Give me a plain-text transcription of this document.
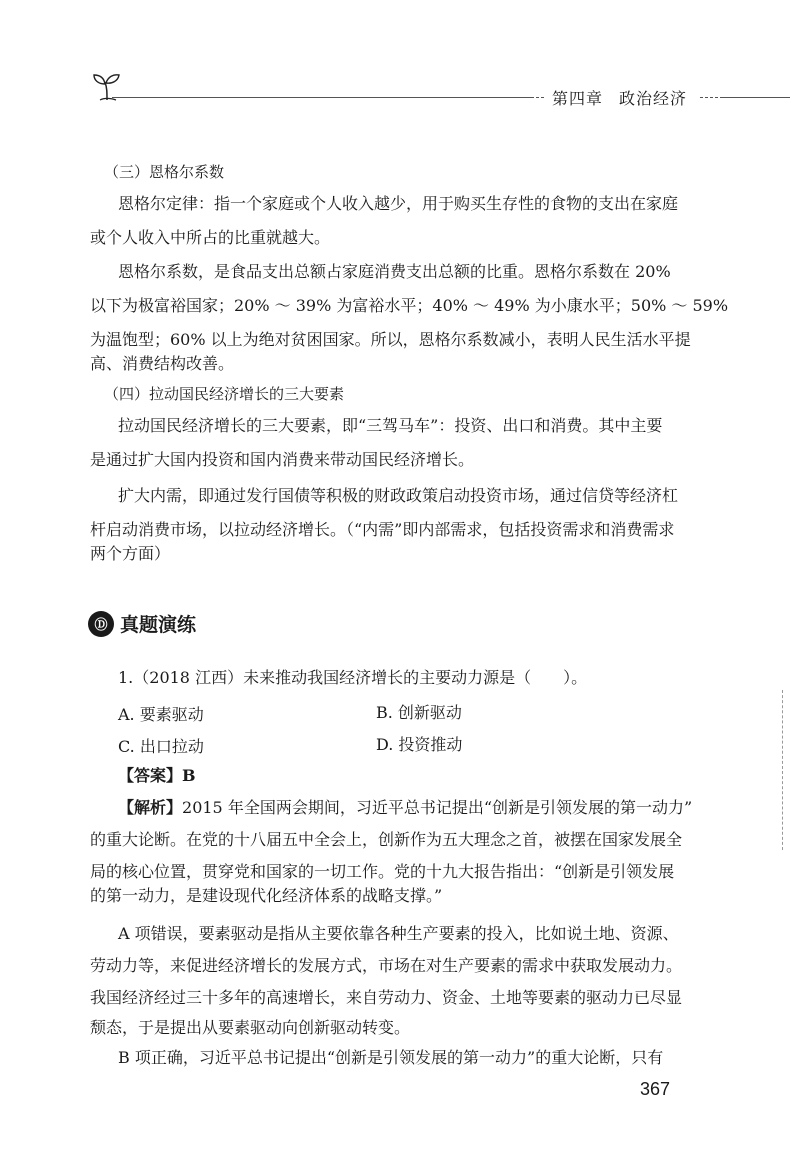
第四章 政治经济
（三）恩格尔系数
恩格尔定律：指一个家庭或个人收入越少，用于购买生存性的食物的支出在家庭
或个人收入中所占的比重就越大。
恩格尔系数，是食品支出总额占家庭消费支出总额的比重。恩格尔系数在 20%
以下为极富裕国家；20% ～ 39% 为富裕水平；40% ～ 49% 为小康水平；50% ～ 59%
为温饱型；60% 以上为绝对贫困国家。所以，恩格尔系数减小，表明人民生活水平提
高、消费结构改善。
（四）拉动国民经济增长的三大要素
拉动国民经济增长的三大要素，即“三驾马车”：投资、出口和消费。其中主要
是通过扩大国内投资和国内消费来带动国民经济增长。
扩大内需，即通过发行国债等积极的财政政策启动投资市场，通过信贷等经济杠
杆启动消费市场，以拉动经济增长。（“内需”即内部需求，包括投资需求和消费需求
两个方面）
Ⓓ 真题演练
1.（2018 江西）未来推动我国经济增长的主要动力源是（　　）。
A. 要素驱动	B. 创新驱动
C. 出口拉动	D. 投资推动
【答案】B
【解析】2015 年全国两会期间，习近平总书记提出“创新是引领发展的第一动力”
的重大论断。在党的十八届五中全会上，创新作为五大理念之首，被摆在国家发展全
局的核心位置，贯穿党和国家的一切工作。党的十九大报告指出：“创新是引领发展
的第一动力，是建设现代化经济体系的战略支撑。”
A 项错误，要素驱动是指从主要依靠各种生产要素的投入，比如说土地、资源、
劳动力等，来促进经济增长的发展方式，市场在对生产要素的需求中获取发展动力。
我国经济经过三十多年的高速增长，来自劳动力、资金、土地等要素的驱动力已尽显
颓态，于是提出从要素驱动向创新驱动转变。
B 项正确，习近平总书记提出“创新是引领发展的第一动力”的重大论断，只有
367
